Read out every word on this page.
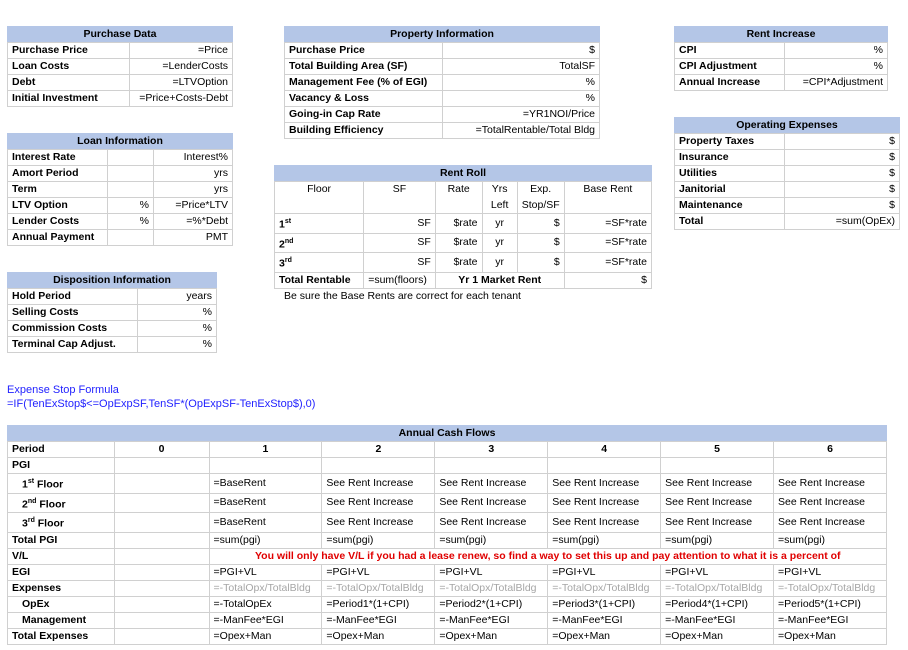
Purchase Data
Purchase Price	=Price
Loan Costs	=LenderCosts
Debt	=LTVOption
Initial Investment	=Price+Costs-Debt
Loan Information
Interest Rate		Interest%
Amort Period		yrs
Term		yrs
LTV Option	%	=Price*LTV
Lender Costs	%	=%*Debt
Annual Payment		PMT
Disposition Information
Hold Period	years
Selling Costs	%
Commission Costs	%
Terminal Cap Adjust.	%
Property Information
Purchase Price	$
Total Building Area (SF)	TotalSF
Management Fee (% of EGI)	%
Vacancy & Loss	%
Going-in Cap Rate	=YR1NOI/Price
Building Efficiency	=TotalRentable/Total Bldg
Rent Roll
Floor	SF	Rate	Yrs	Exp.	Base Rent
			Left	Stop/SF	
1st	SF	$rate	yr	$	=SF*rate
2nd	SF	$rate	yr	$	=SF*rate
3rd	SF	$rate	yr	$	=SF*rate
Total Rentable	=sum(floors)	Yr 1 Market Rent			$
Be sure the Base Rents are correct for each tenant
Rent Increase
CPI	%
CPI Adjustment	%
Annual Increase	=CPI*Adjustment
Operating Expenses
Property Taxes	$
Insurance	$
Utilities	$
Janitorial	$
Maintenance	$
Total	=sum(OpEx)
Expense Stop Formula
=IF(TenExStop$<=OpExpSF,TenSF*(OpExpSF-TenExStop$),0)
Annual Cash Flows
Period	0	1	2	3	4	5	6
PGI							
1st Floor		=BaseRent	See Rent Increase	See Rent Increase	See Rent Increase	See Rent Increase	See Rent Increase
2nd Floor		=BaseRent	See Rent Increase	See Rent Increase	See Rent Increase	See Rent Increase	See Rent Increase
3rd Floor		=BaseRent	See Rent Increase	See Rent Increase	See Rent Increase	See Rent Increase	See Rent Increase
Total PGI		=sum(pgi)	=sum(pgi)	=sum(pgi)	=sum(pgi)	=sum(pgi)	=sum(pgi)
V/L		You will only have V/L if you had a lease renew, so find a way to set this up and pay attention to what it is a percent of					
EGI		=PGI+VL	=PGI+VL	=PGI+VL	=PGI+VL	=PGI+VL	=PGI+VL
Expenses		=-TotalOpx/TotalBldg	=-TotalOpx/TotalBldg	=-TotalOpx/TotalBldg	=-TotalOpx/TotalBldg	=-TotalOpx/TotalBldg	=-TotalOpx/TotalBldg
OpEx		=-TotalOpEx	=Period1*(1+CPI)	=Period2*(1+CPI)	=Period3*(1+CPI)	=Period4*(1+CPI)	=Period5*(1+CPI)
Management		=-ManFee*EGI	=-ManFee*EGI	=-ManFee*EGI	=-ManFee*EGI	=-ManFee*EGI	=-ManFee*EGI
Total Expenses		=Opex+Man	=Opex+Man	=Opex+Man	=Opex+Man	=Opex+Man	=Opex+Man
